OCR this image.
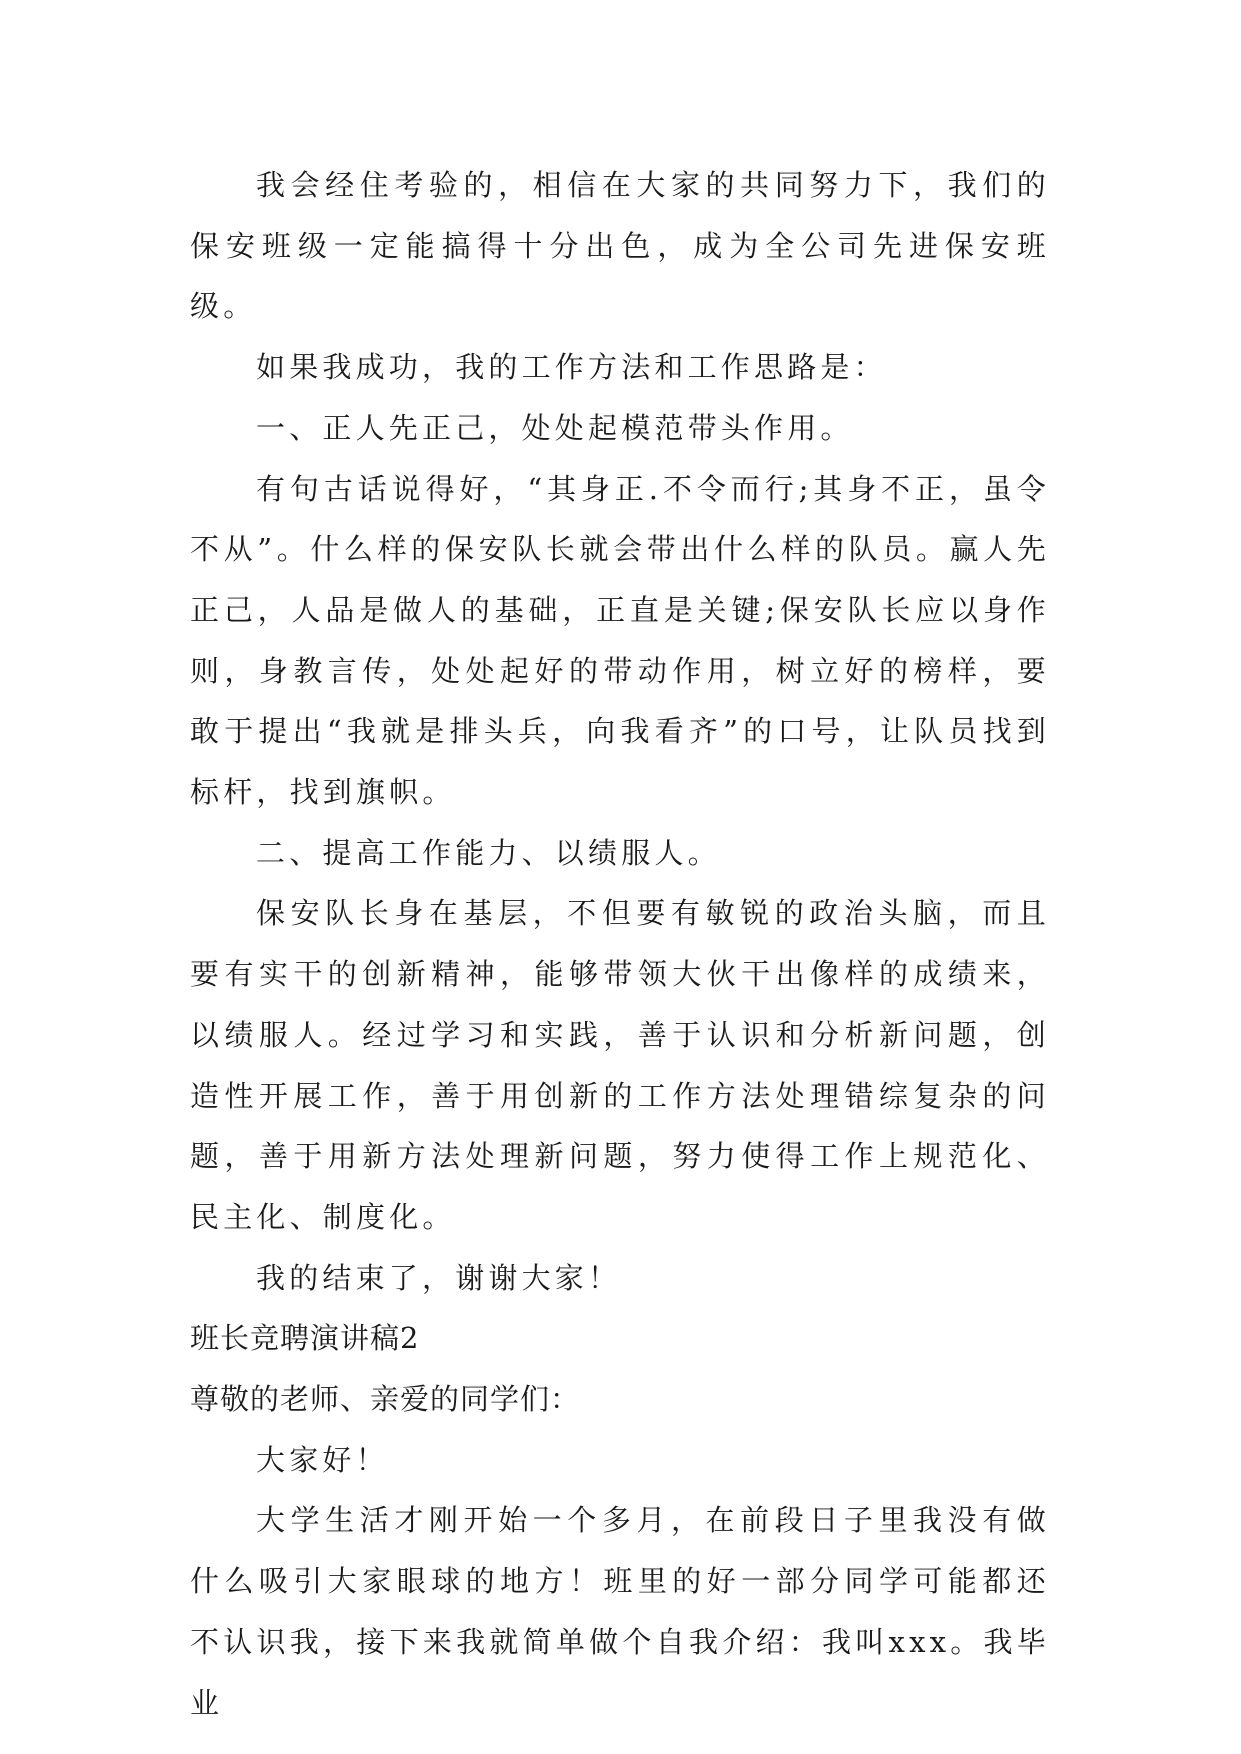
我会经住考验的，相信在大家的共同努力下，我们的保安班级一定能搞得十分出色，成为全公司先进保安班级。

如果我成功，我的工作方法和工作思路是：

一、正人先正己，处处起模范带头作用。

有句古话说得好，“其身正.不令而行;其身不正，虽令不从”。什么样的保安队长就会带出什么样的队员。赢人先正己，人品是做人的基础，正直是关键;保安队长应以身作则，身教言传，处处起好的带动作用，树立好的榜样，要敢于提出“我就是排头兵，向我看齐”的口号，让队员找到标杆，找到旗帜。

二、提高工作能力、以绩服人。

保安队长身在基层，不但要有敏锐的政治头脑，而且要有实干的创新精神，能够带领大伙干出像样的成绩来，以绩服人。经过学习和实践，善于认识和分析新问题，创造性开展工作，善于用创新的工作方法处理错综复杂的问题，善于用新方法处理新问题，努力使得工作上规范化、民主化、制度化。

我的结束了，谢谢大家！

班长竞聘演讲稿2

尊敬的老师、亲爱的同学们：

大家好！

大学生活才刚开始一个多月，在前段日子里我没有做什么吸引大家眼球的地方！班里的好一部分同学可能都还不认识我，接下来我就简单做个自我介绍：我叫xxx。我毕业
